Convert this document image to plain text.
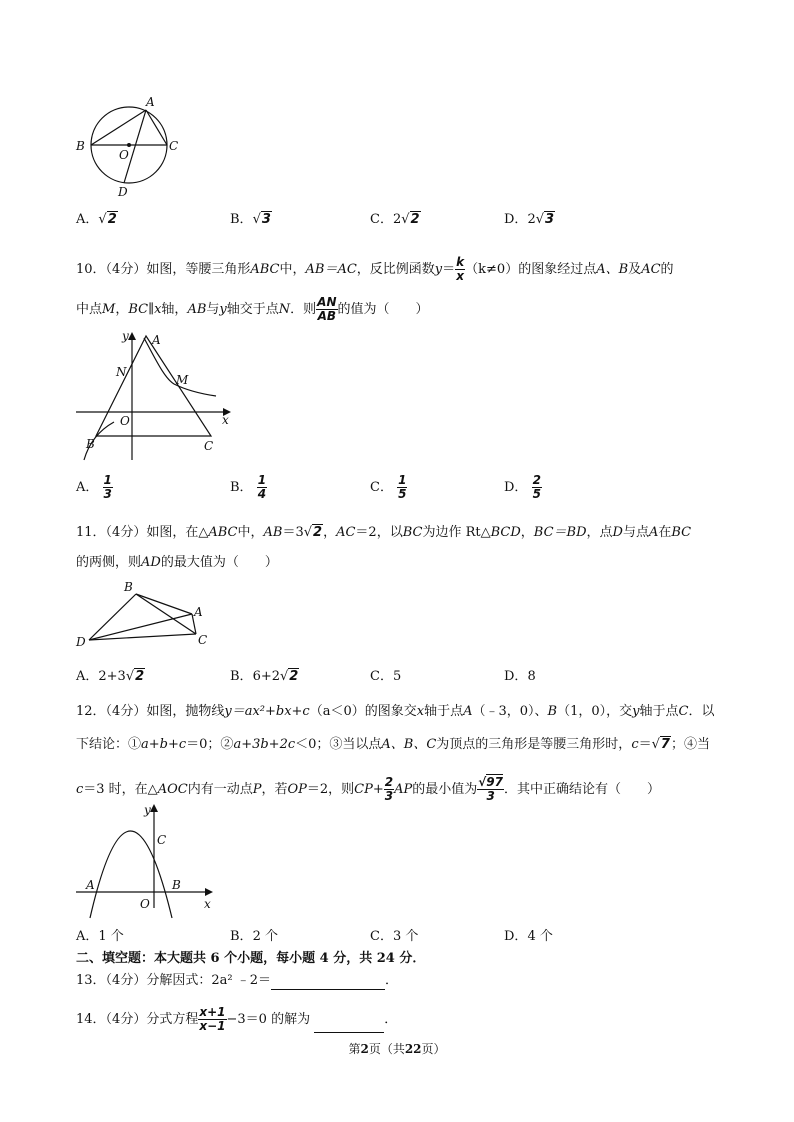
A
B
O
C
D
A．√2	B．√3	C．2√2	D．2√3
10．（4分）如图，等腰三角形ABC中，AB＝AC，反比例函数$y= \frac{k}{x} (k\ne 0)$的图象经过点A、B及AC的
中点M，BC∥x轴，AB与y轴交于点N．则 $\frac{AN}{AB}$ 的值为（　　）
y A
N
M
O	x
B	C
A． $\frac{1}{3}$	B． $\frac{1}{4}$	C． $\frac{1}{5}$	D． $\frac{2}{5}$
11．（4分）如图，在△ABC中，AB＝3√2，AC＝2，以BC为边作 Rt△BCD，BC＝BD，点D与点A在BC
的两侧，则AD的最大值为（　　）
B
A
D	C
A．2+3√2	B．6+2√2	C．5	D．8
12．（4分）如图，抛物线y＝ax²+bx+c（a＜0）的图象交x轴于点A（﹣3，0）、B（1，0），交y轴于点C．以
下结论：①a+b+c＝0；②a+3b+2c＜0；③当以点A、B、C为顶点的三角形是等腰三角形时，c＝√7；④当
c＝3 时，在△AOC内有一动点P，若OP＝2，则$CP+ \frac{2}{3}$ AP的最小值为 $\frac{√97}{3}$ ．其中正确结论有（　　）
y
C
A	B
O	x
A．1 个	B．2 个	C．3 个	D．4 个
二、填空题：本大题共 6 个小题，每小题 4 分，共 24 分．
13．（4分）分解因式：2a² ﹣2＝	．
14．（4分）分式方程 $\frac{x+1}{x-1} -3=0$ 的解为	．
第2页（共22页）
